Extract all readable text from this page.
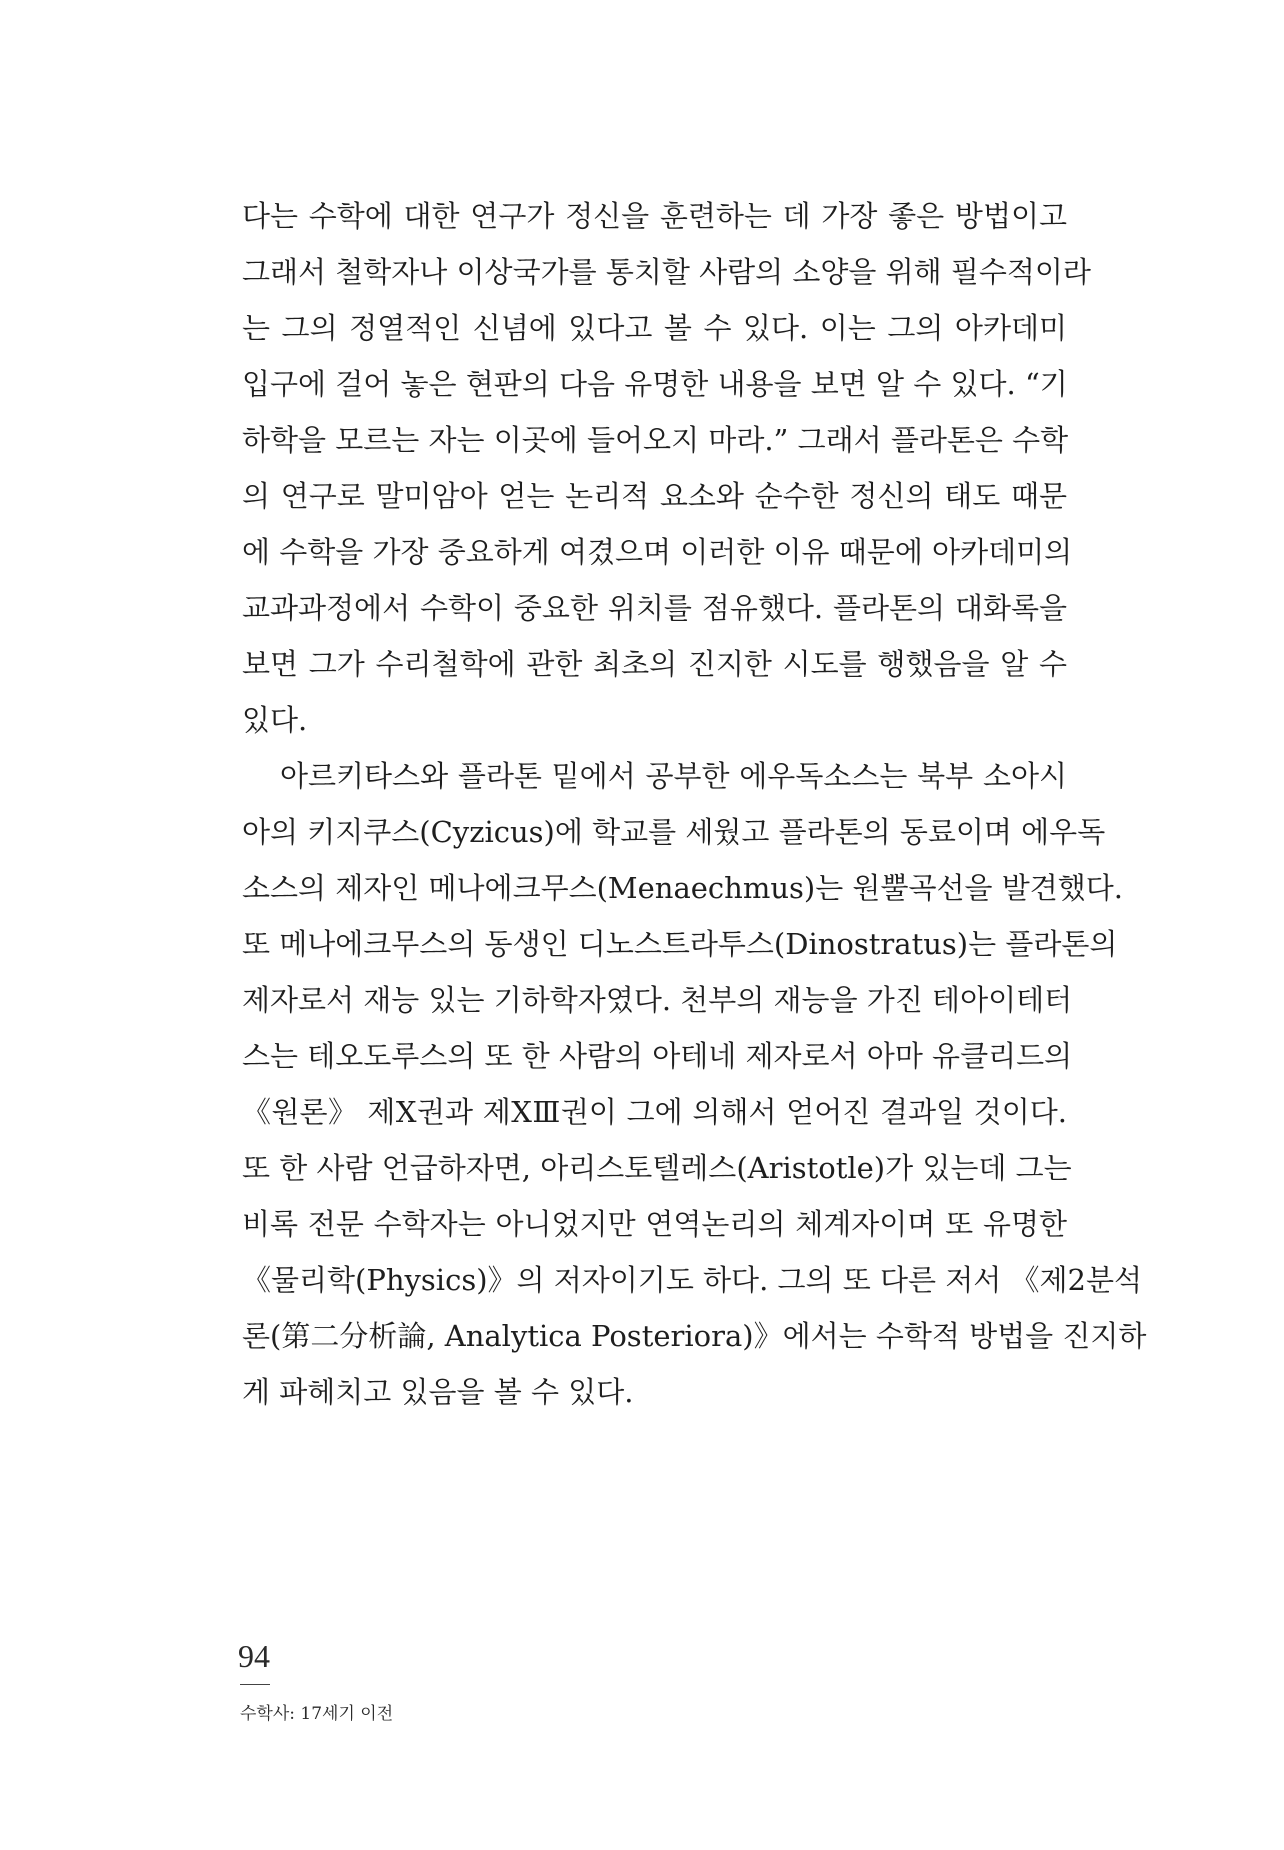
다는 수학에 대한 연구가 정신을 훈련하는 데 가장 좋은 방법이고
그래서 철학자나 이상국가를 통치할 사람의 소양을 위해 필수적이라
는 그의 정열적인 신념에 있다고 볼 수 있다. 이는 그의 아카데미
입구에 걸어 놓은 현판의 다음 유명한 내용을 보면 알 수 있다. “기
하학을 모르는 자는 이곳에 들어오지 마라.” 그래서 플라톤은 수학
의 연구로 말미암아 얻는 논리적 요소와 순수한 정신의 태도 때문
에 수학을 가장 중요하게 여겼으며 이러한 이유 때문에 아카데미의
교과과정에서 수학이 중요한 위치를 점유했다. 플라톤의 대화록을
보면 그가 수리철학에 관한 최초의 진지한 시도를 행했음을 알 수
있다.
아르키타스와 플라톤 밑에서 공부한 에우독소스는 북부 소아시
아의 키지쿠스(Cyzicus)에 학교를 세웠고 플라톤의 동료이며 에우독
소스의 제자인 메나에크무스(Menaechmus)는 원뿔곡선을 발견했다.
또 메나에크무스의 동생인 디노스트라투스(Dinostratus)는 플라톤의
제자로서 재능 있는 기하학자였다. 천부의 재능을 가진 테아이테터
스는 테오도루스의 또 한 사람의 아테네 제자로서 아마 유클리드의
《원론》 제Ⅹ권과 제ⅩⅢ권이 그에 의해서 얻어진 결과일 것이다.
또 한 사람 언급하자면, 아리스토텔레스(Aristotle)가 있는데 그는
비록 전문 수학자는 아니었지만 연역논리의 체계자이며 또 유명한
《물리학(Physics)》의 저자이기도 하다. 그의 또 다른 저서 《제2분석
론(第二分析論, Analytica Posteriora)》에서는 수학적 방법을 진지하
게 파헤치고 있음을 볼 수 있다.
94
수학사: 17세기 이전
